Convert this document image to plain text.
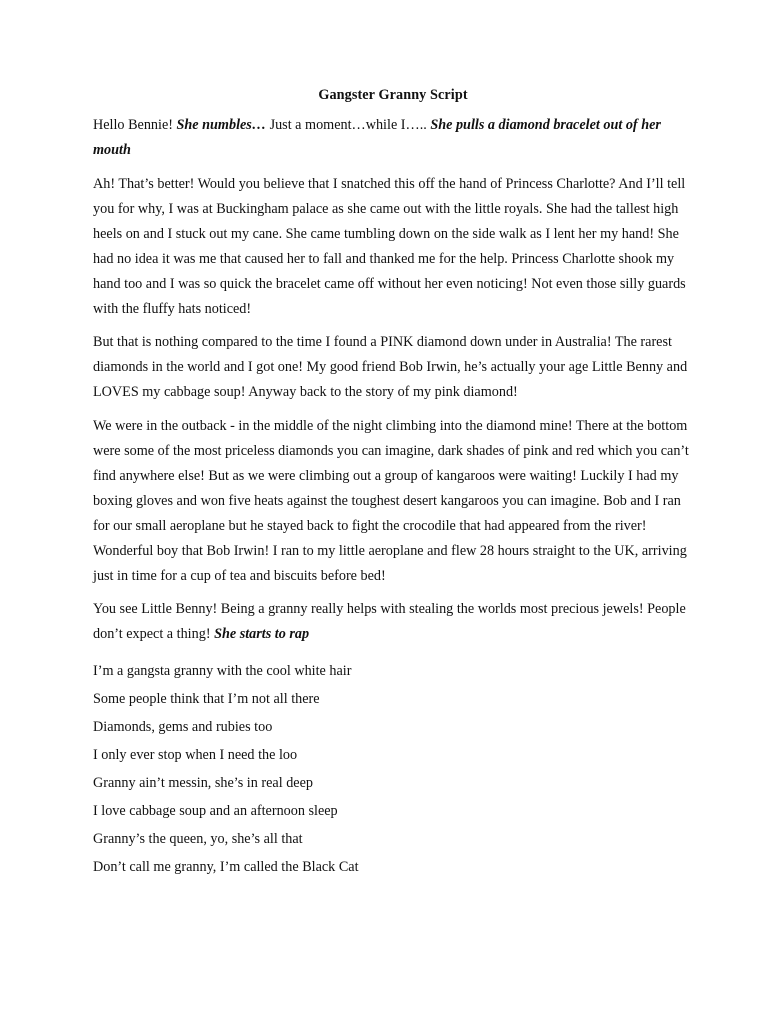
Gangster Granny Script

Hello Bennie! She numbles… Just a moment…while I….. She pulls a diamond bracelet out of her mouth

Ah! That’s better! Would you believe that I snatched this off the hand of Princess Charlotte? And I’ll tell you for why, I was at Buckingham palace as she came out with the little royals. She had the tallest high heels on and I stuck out my cane. She came tumbling down on the side walk as I lent her my hand! She had no idea it was me that caused her to fall and thanked me for the help. Princess Charlotte shook my hand too and I was so quick the bracelet came off without her even noticing! Not even those silly guards with the fluffy hats noticed!

But that is nothing compared to the time I found a PINK diamond down under in Australia! The rarest diamonds in the world and I got one! My good friend Bob Irwin, he’s actually your age Little Benny and LOVES my cabbage soup! Anyway back to the story of my pink diamond!

We were in the outback - in the middle of the night climbing into the diamond mine! There at the bottom were some of the most priceless diamonds you can imagine, dark shades of pink and red which you can’t find anywhere else! But as we were climbing out a group of kangaroos were waiting! Luckily I had my boxing gloves and won five heats against the toughest desert kangaroos you can imagine. Bob and I ran for our small aeroplane but he stayed back to fight the crocodile that had appeared from the river! Wonderful boy that Bob Irwin! I ran to my little aeroplane and flew 28 hours straight to the UK, arriving just in time for a cup of tea and biscuits before bed!

You see Little Benny! Being a granny really helps with stealing the worlds most precious jewels! People don’t expect a thing! She starts to rap

I’m a gangsta granny with the cool white hair
Some people think that I’m not all there
Diamonds, gems and rubies too
I only ever stop when I need the loo
Granny ain’t messin, she’s in real deep
I love cabbage soup and an afternoon sleep
Granny’s the queen, yo, she’s all that
Don’t call me granny, I’m called the Black Cat
